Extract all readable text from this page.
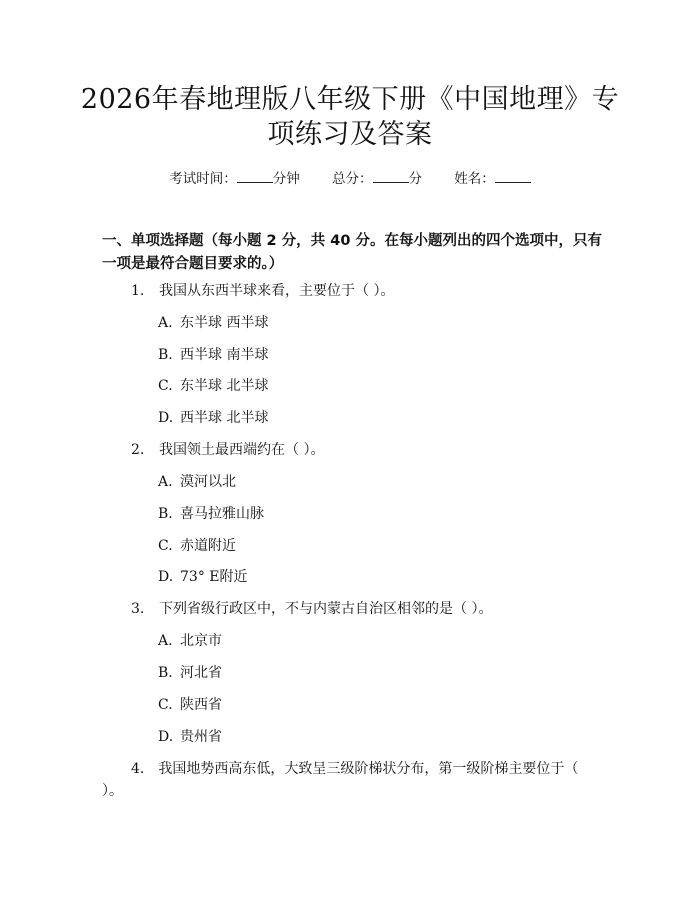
2026年春地理版八年级下册《中国地理》专
项练习及答案
考试时间：	分钟 总分：	分 姓名：
一、单项选择题（每小题 2 分，共 40 分。在每小题列出的四个选项中，只有一项是最符合题目要求的。）
1. 我国从东西半球来看，主要位于（ ）。
A. 东半球 西半球
B. 西半球 南半球
C. 东半球 北半球
D. 西半球 北半球
2. 我国领土最西端约在（ ）。
A. 漠河以北
B. 喜马拉雅山脉
C. 赤道附近
D. 73° E附近
3. 下列省级行政区中，不与内蒙古自治区相邻的是（ ）。
A. 北京市
B. 河北省
C. 陕西省
D. 贵州省
4. 我国地势西高东低，大致呈三级阶梯状分布，第一级阶梯主要位于（ ）。
